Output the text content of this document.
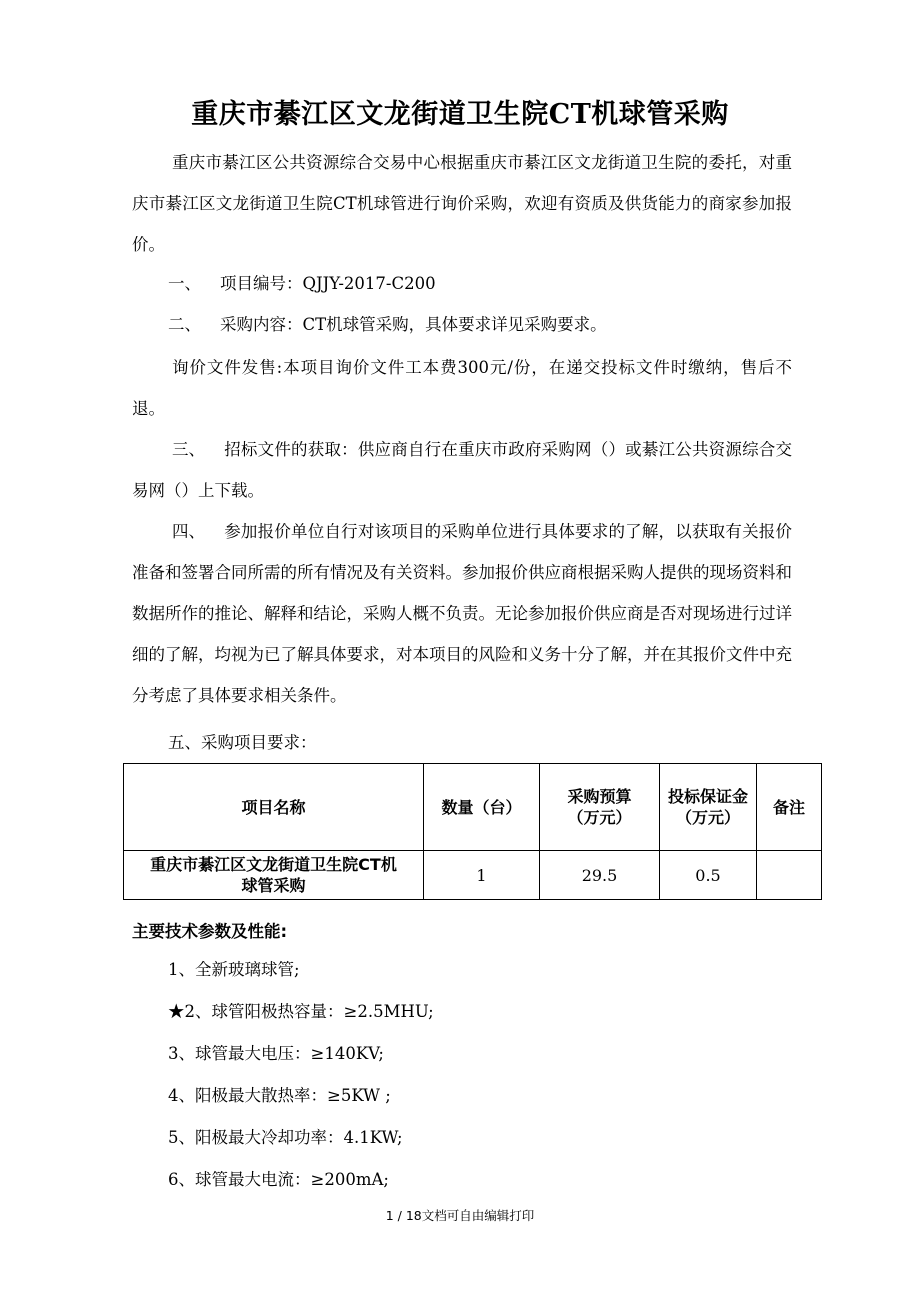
重庆市綦江区文龙街道卫生院CT机球管采购

重庆市綦江区公共资源综合交易中心根据重庆市綦江区文龙街道卫生院的委托，对重庆市綦江区文龙街道卫生院CT机球管进行询价采购，欢迎有资质及供货能力的商家参加报价。

一、 项目编号：QJJY-2017-C200
二、 采购内容：CT机球管采购，具体要求详见采购要求。

询价文件发售:本项目询价文件工本费300元/份，在递交投标文件时缴纳，售后不退。

三、 招标文件的获取：供应商自行在重庆市政府采购网（）或綦江公共资源综合交易网（）上下载。

四、 参加报价单位自行对该项目的采购单位进行具体要求的了解，以获取有关报价准备和签署合同所需的所有情况及有关资料。参加报价供应商根据采购人提供的现场资料和数据所作的推论、解释和结论，采购人概不负责。无论参加报价供应商是否对现场进行过详细的了解，均视为已了解具体要求，对本项目的风险和义务十分了解，并在其报价文件中充分考虑了具体要求相关条件。

五、采购项目要求：
项目名称	数量（台）	采购预算（万元）	投标保证金（万元）	备注
重庆市綦江区文龙街道卫生院CT机球管采购	1	29.5	0.5	
主要技术参数及性能:
1、全新玻璃球管;
★2、球管阳极热容量：≥2.5MHU;
3、球管最大电压：≥140KV;
4、阳极最大散热率：≥5KW ;
5、阳极最大冷却功率：4.1KW;
6、球管最大电流：≥200mA;
1 / 18文档可自由编辑打印
